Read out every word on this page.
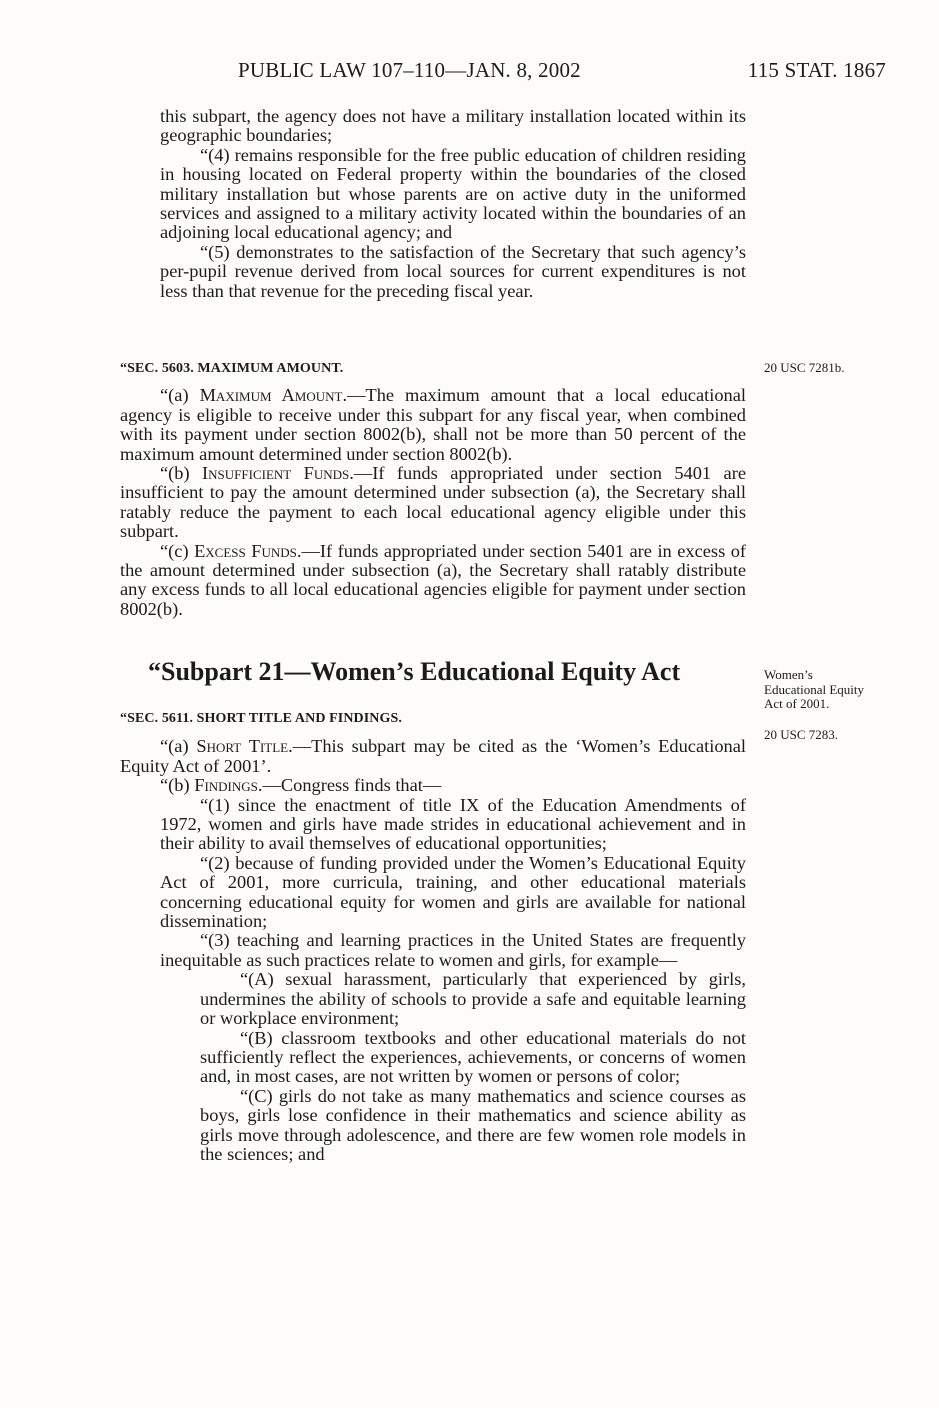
PUBLIC LAW 107–110—JAN. 8, 2002	115 STAT. 1867

this subpart, the agency does not have a military installation located within its geographic boundaries;

“(4) remains responsible for the free public education of children residing in housing located on Federal property within the boundaries of the closed military installation but whose parents are on active duty in the uniformed services and assigned to a military activity located within the boundaries of an adjoining local educational agency; and

“(5) demonstrates to the satisfaction of the Secretary that such agency’s per-pupil revenue derived from local sources for current expenditures is not less than that revenue for the preceding fiscal year.

“SEC. 5603. MAXIMUM AMOUNT.

“(a) Maximum Amount.—The maximum amount that a local educational agency is eligible to receive under this subpart for any fiscal year, when combined with its payment under section 8002(b), shall not be more than 50 percent of the maximum amount determined under section 8002(b).

“(b) Insufficient Funds.—If funds appropriated under section 5401 are insufficient to pay the amount determined under subsection (a), the Secretary shall ratably reduce the payment to each local educational agency eligible under this subpart.

“(c) Excess Funds.—If funds appropriated under section 5401 are in excess of the amount determined under subsection (a), the Secretary shall ratably distribute any excess funds to all local educational agencies eligible for payment under section 8002(b).

20 USC 7281b.
“Subpart 21—Women’s Educational Equity Act	Women’s Educational Equity Act of 2001.
20 USC 7283.

“SEC. 5611. SHORT TITLE AND FINDINGS.

“(a) Short Title.—This subpart may be cited as the ‘Women’s Educational Equity Act of 2001’.

“(b) Findings.—Congress finds that—

“(1) since the enactment of title IX of the Education Amendments of 1972, women and girls have made strides in educational achievement and in their ability to avail themselves of educational opportunities;

“(2) because of funding provided under the Women’s Educational Equity Act of 2001, more curricula, training, and other educational materials concerning educational equity for women and girls are available for national dissemination;

“(3) teaching and learning practices in the United States are frequently inequitable as such practices relate to women and girls, for example—

“(A) sexual harassment, particularly that experienced by girls, undermines the ability of schools to provide a safe and equitable learning or workplace environment;

“(B) classroom textbooks and other educational materials do not sufficiently reflect the experiences, achievements, or concerns of women and, in most cases, are not written by women or persons of color;

“(C) girls do not take as many mathematics and science courses as boys, girls lose confidence in their mathematics and science ability as girls move through adolescence, and there are few women role models in the sciences; and
